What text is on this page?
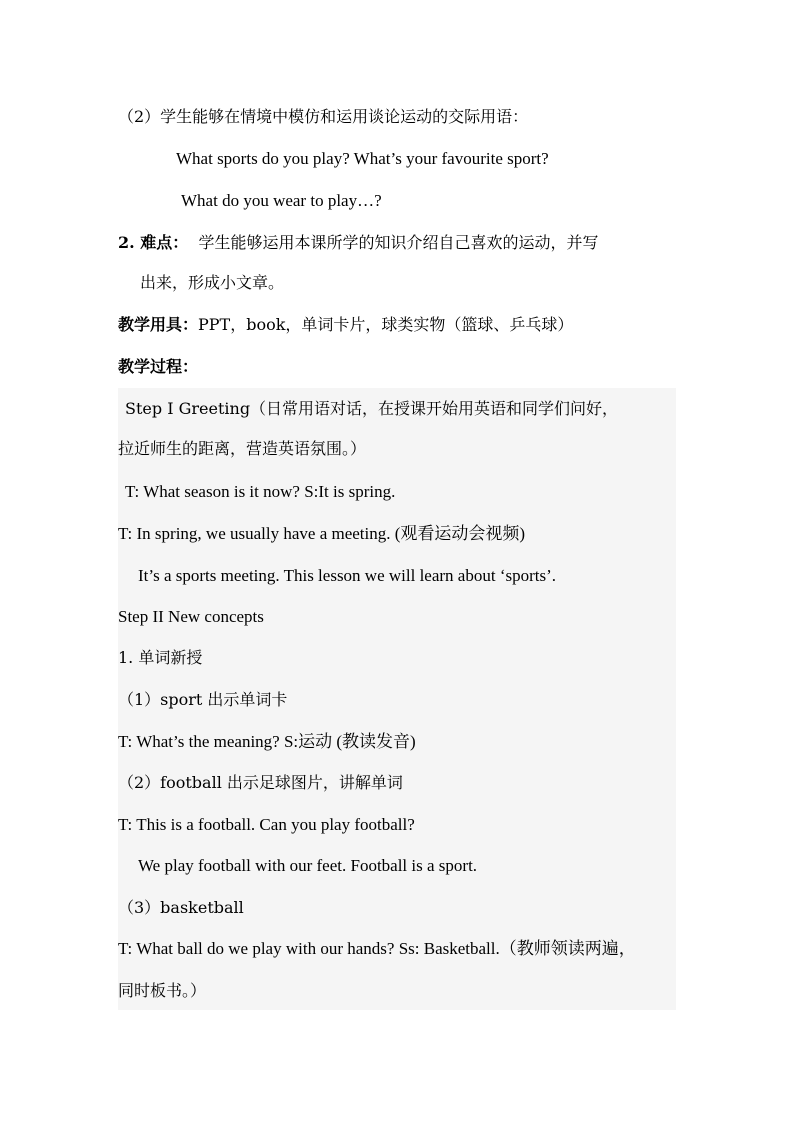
（2）学生能够在情境中模仿和运用谈论运动的交际用语：
What sports do you play? What’s your favourite sport?
What do you wear to play…?
2. 难点： 学生能够运用本课所学的知识介绍自己喜欢的运动，并写
出来，形成小文章。
教学用具：PPT，book，单词卡片，球类实物（篮球、乒乓球）
教学过程：
Step I Greeting（日常用语对话，在授课开始用英语和同学们问好，
拉近师生的距离，营造英语氛围。）
T: What season is it now? S:It is spring.
T: In spring, we usually have a meeting. (观看运动会视频)
It’s a sports meeting. This lesson we will learn about ‘sports’.
Step II New concepts
1. 单词新授
（1）sport 出示单词卡
T: What’s the meaning? S:运动 (教读发音)
（2）football 出示足球图片，讲解单词
T: This is a football. Can you play football?
We play football with our feet. Football is a sport.
（3）basketball
T: What ball do we play with our hands? Ss: Basketball.（教师领读两遍，
同时板书。）
